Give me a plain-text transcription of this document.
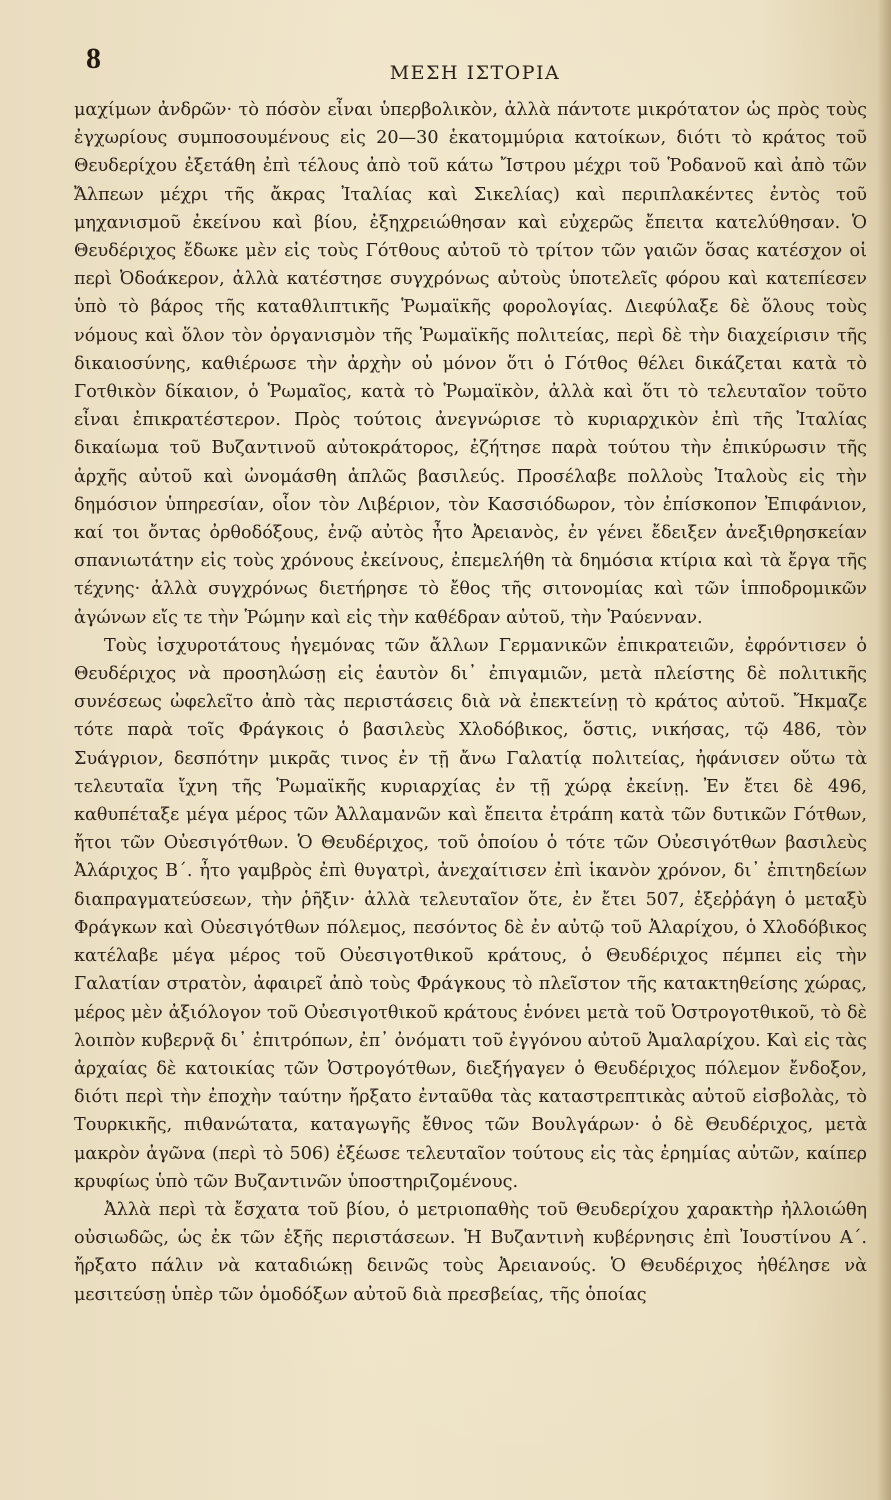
8	ΜΕΣΗ ΙΣΤΟΡΙΑ

μαχίμων ἀνδρῶν· τὸ πόσὸν εἶναι ὑπερβολικὸν, ἀλλὰ πάντοτε μικρότατον ὡς πρὸς τοὺς ἐγχωρίους συμποσουμένους εἰς 20—30 ἑκατομμύρια κατοίκων, διότι τὸ κράτος τοῦ Θευδερίχου ἐξετάθη ἐπὶ τέλους ἀπὸ τοῦ κάτω Ἴστρου μέχρι τοῦ Ῥοδανοῦ καὶ ἀπὸ τῶν Ἄλπεων μέχρι τῆς ἄκρας Ἰταλίας καὶ Σικελίας) καὶ περιπλακέντες ἐντὸς τοῦ μηχανισμοῦ ἐκείνου καὶ βίου, ἐξηχρειώθησαν καὶ εὐχερῶς ἔπειτα κατελύθησαν. Ὁ Θευδέριχος ἔδωκε μὲν εἰς τοὺς Γότθους αὐτοῦ τὸ τρίτον τῶν γαιῶν ὅσας κατέσχον οἱ περὶ Ὀδοάκερον, ἀλλὰ κατέστησε συγχρόνως αὐτοὺς ὑποτελεῖς φόρου καὶ κατεπίεσεν ὑπὸ τὸ βάρος τῆς καταθλιπτικῆς Ῥωμαϊκῆς φορολογίας. Διεφύλαξε δὲ ὅλους τοὺς νόμους καὶ ὅλον τὸν ὀργανισμὸν τῆς Ῥωμαϊκῆς πολιτείας, περὶ δὲ τὴν διαχείρισιν τῆς δικαιοσύνης, καθιέρωσε τὴν ἀρχὴν οὐ μόνον ὅτι ὁ Γότθος θέλει δικάζεται κατὰ τὸ Γοτθικὸν δίκαιον, ὁ Ῥωμαῖος, κατὰ τὸ Ῥωμαϊκὸν, ἀλλὰ καὶ ὅτι τὸ τελευταῖον τοῦτο εἶναι ἐπικρατέστερον. Πρὸς τούτοις ἀνεγνώρισε τὸ κυριαρχικὸν ἐπὶ τῆς Ἰταλίας δικαίωμα τοῦ Βυζαντινοῦ αὐτοκράτορος, ἐζήτησε παρὰ τούτου τὴν ἐπικύρωσιν τῆς ἀρχῆς αὐτοῦ καὶ ὠνομάσθη ἁπλῶς βασιλεύς. Προσέλαβε πολλοὺς Ἰταλοὺς εἰς τὴν δημόσιον ὑπηρεσίαν, οἷον τὸν Λιβέριον, τὸν Κασσιόδωρον, τὸν ἐπίσκοπον Ἐπιφάνιον, καί τοι ὄντας ὀρθοδόξους, ἐνῷ αὐτὸς ἦτο Ἀρειανὸς, ἐν γένει ἔδειξεν ἀνεξιθρησκείαν σπανιωτάτην εἰς τοὺς χρόνους ἐκείνους, ἐπεμελήθη τὰ δημόσια κτίρια καὶ τὰ ἔργα τῆς τέχνης· ἀλλὰ συγχρόνως διετήρησε τὸ ἔθος τῆς σιτονομίας καὶ τῶν ἱπποδρομικῶν ἀγώνων εἴς τε τὴν Ῥώμην καὶ εἰς τὴν καθέδραν αὐτοῦ, τὴν Ῥαύενναν.

Τοὺς ἰσχυροτάτους ἡγεμόνας τῶν ἄλλων Γερμανικῶν ἐπικρατειῶν, ἐφρόντισεν ὁ Θευδέριχος νὰ προσηλώσῃ εἰς ἑαυτὸν δι᾽ ἐπιγαμιῶν, μετὰ πλείστης δὲ πολιτικῆς συνέσεως ὠφελεῖτο ἀπὸ τὰς περιστάσεις διὰ νὰ ἐπεκτείνῃ τὸ κράτος αὐτοῦ. Ἤκμαζε τότε παρὰ τοῖς Φράγκοις ὁ βασιλεὺς Χλοδόβικος, ὅστις, νικήσας, τῷ 486, τὸν Συάγριον, δεσπότην μικρᾶς τινος ἐν τῇ ἄνω Γαλατίᾳ πολιτείας, ἠφάνισεν οὕτω τὰ τελευταῖα ἴχνη τῆς Ῥωμαϊκῆς κυριαρχίας ἐν τῇ χώρᾳ ἐκείνῃ. Ἐν ἔτει δὲ 496, καθυπέταξε μέγα μέρος τῶν Ἀλλαμανῶν καὶ ἔπειτα ἐτράπη κατὰ τῶν δυτικῶν Γότθων, ἤτοι τῶν Οὐεσιγότθων. Ὁ Θευδέριχος, τοῦ ὁποίου ὁ τότε τῶν Οὐεσιγότθων βασιλεὺς Ἀλάριχος Β΄. ἦτο γαμβρὸς ἐπὶ θυγατρὶ, ἀνεχαίτισεν ἐπὶ ἱκανὸν χρόνον, δι᾽ ἐπιτηδείων διαπραγματεύσεων, τὴν ῥῆξιν· ἀλλὰ τελευταῖον ὅτε, ἐν ἔτει 507, ἐξεῤῥάγη ὁ μεταξὺ Φράγκων καὶ Οὐεσιγότθων πόλεμος, πεσόντος δὲ ἐν αὐτῷ τοῦ Ἀλαρίχου, ὁ Χλοδόβικος κατέλαβε μέγα μέρος τοῦ Οὐεσιγοτθικοῦ κράτους, ὁ Θευδέριχος πέμπει εἰς τὴν Γαλατίαν στρατὸν, ἀφαιρεῖ ἀπὸ τοὺς Φράγκους τὸ πλεῖστον τῆς κατακτηθείσης χώρας, μέρος μὲν ἀξιόλογον τοῦ Οὐεσιγοτθικοῦ κράτους ἑνόνει μετὰ τοῦ Ὀστρογοτθικοῦ, τὸ δὲ λοιπὸν κυβερνᾷ δι᾽ ἐπιτρόπων, ἐπ᾽ ὀνόματι τοῦ ἐγγόνου αὐτοῦ Ἀμαλαρίχου. Καὶ εἰς τὰς ἀρχαίας δὲ κατοικίας τῶν Ὀστρογότθων, διεξήγαγεν ὁ Θευδέριχος πόλεμον ἔνδοξον, διότι περὶ τὴν ἐποχὴν ταύτην ἤρξατο ἐνταῦθα τὰς καταστρεπτικὰς αὐτοῦ εἰσβολὰς, τὸ Τουρκικῆς, πιθανώτατα, καταγωγῆς ἔθνος τῶν Βουλγάρων· ὁ δὲ Θευδέριχος, μετὰ μακρὸν ἀγῶνα (περὶ τὸ 506) ἐξέωσε τελευταῖον τούτους εἰς τὰς ἐρημίας αὐτῶν, καίπερ κρυφίως ὑπὸ τῶν Βυζαντινῶν ὑποστηριζομένους.

Ἀλλὰ περὶ τὰ ἔσχατα τοῦ βίου, ὁ μετριοπαθὴς τοῦ Θευδερίχου χαρακτὴρ ἠλλοιώθη οὐσιωδῶς, ὡς ἐκ τῶν ἑξῆς περιστάσεων. Ἡ Βυζαντινὴ κυβέρνησις ἐπὶ Ἰουστίνου Α΄. ἤρξατο πάλιν νὰ καταδιώκῃ δεινῶς τοὺς Ἀρειανούς. Ὁ Θευδέριχος ἠθέλησε νὰ μεσιτεύσῃ ὑπὲρ τῶν ὁμοδόξων αὐτοῦ διὰ πρεσβείας, τῆς ὁποίας
